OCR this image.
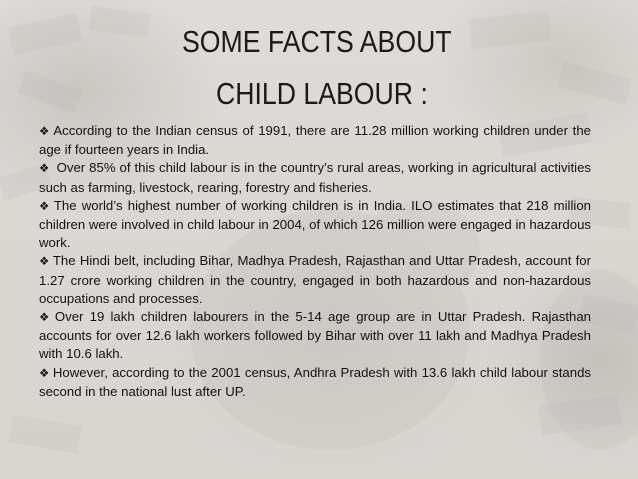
SOME FACTS ABOUT
CHILD LABOUR :

❖ According to the Indian census of 1991, there are 11.28 million working children under the age if fourteen years in India.

❖ Over 85% of this child labour is in the country’s rural areas, working in agricultural activities such as farming, livestock, rearing, forestry and fisheries.

❖ The world’s highest number of working children is in India. ILO estimates that 218 million children were involved in child labour in 2004, of which 126 million were engaged in hazardous work.

❖ The Hindi belt, including Bihar, Madhya Pradesh, Rajasthan and Uttar Pradesh, account for 1.27 crore working children in the country, engaged in both hazardous and non-hazardous occupations and processes.

❖ Over 19 lakh children labourers in the 5-14 age group are in Uttar Pradesh. Rajasthan accounts for over 12.6 lakh workers followed by Bihar with over 11 lakh and Madhya Pradesh with 10.6 lakh.

❖ However, according to the 2001 census, Andhra Pradesh with 13.6 lakh child labour stands second in the national lust after UP.
